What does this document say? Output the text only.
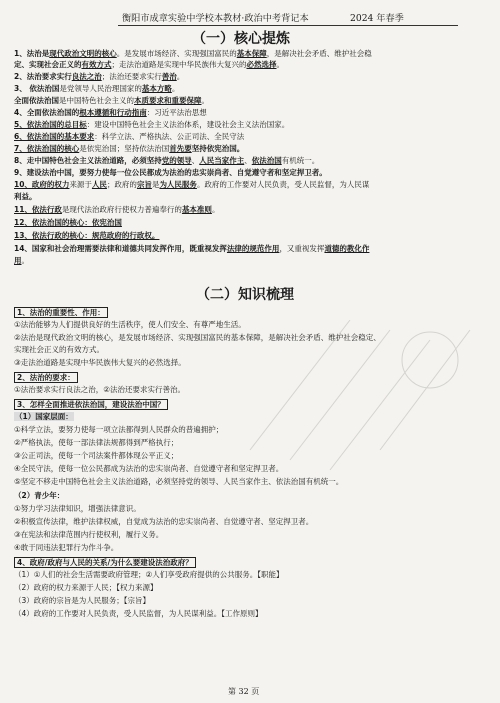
衡阳市成章实验中学校本教材·政治中考背记本	2024 年春季
（一）核心提炼
1、法治是现代政治文明的核心。是发展市场经济、实现强国富民的基本保障，是解决社会矛盾、维护社会稳
定、实现社会正义的有效方式；走法治道路是实现中华民族伟大复兴的必然选择。
2、法治要求实行良法之治；法治还要求实行善治。
3、 依法治国是党领导人民治理国家的基本方略。
全面依法治国是中国特色社会主义的本质要求和重要保障。
4、全面依法治国的根本遵循和行动指南：习近平法治思想
5、依法治国的总目标：建设中国特色社会主义法治体系，建设社会主义法治国家。
6、依法治国的基本要求：科学立法、严格执法、公正司法、全民守法
7、依法治国的核心是依宪治国；坚持依法治国首先要坚持依宪治国。
8、走中国特色社会主义法治道路，必须坚持党的领导、人民当家作主、依法治国有机统一。
9、建设法治中国，要努力使每一位公民都成为法治的忠实崇尚者、自觉遵守者和坚定捍卫者。
10、政府的权力来源于人民；政府的宗旨是为人民服务。政府的工作要对人民负责，受人民监督，为人民谋
利益。
11、依法行政是现代法治政府行使权力普遍奉行的基本准则。
12、依法治国的核心：依宪治国
13、依法行政的核心：规范政府的行政权。
14、国家和社会治理需要法律和道德共同发挥作用，既重视发挥法律的规范作用，又重视发挥道德的教化作
用。
（二）知识梳理
1、法治的重要性、作用：
①法治能够为人们提供良好的生活秩序，使人们安全、有尊严地生活。
②法治是现代政治文明的核心，是发展市场经济、实现强国富民的基本保障，是解决社会矛盾、维护社会稳定、
实现社会正义的有效方式。
③走法治道路是实现中华民族伟大复兴的必然选择。
2、法治的要求：
①法治要求实行良法之治，②法治还要求实行善治。
3、怎样全面推进依法治国，建设法治中国？
（1）国家层面：
①科学立法，要努力使每一项立法都得到人民群众的普遍拥护；
②严格执法，使每一部法律法规都得到严格执行；
③公正司法，使每一个司法案件都体现公平正义；
④全民守法，使每一位公民都成为法治的忠实崇尚者、自觉遵守者和坚定捍卫者。
⑤坚定不移走中国特色社会主义法治道路，必须坚持党的领导、人民当家作主、依法治国有机统一。
（2）青少年：
①努力学习法律知识，增强法律意识。
②积极宣传法律，维护法律权威，自觉成为法治的忠实崇尚者、自觉遵守者、坚定捍卫者。
③在宪法和法律范围内行使权利，履行义务。
④敢于同违法犯罪行为作斗争。
4、政府/政府与人民的关系/为什么要建设法治政府？
（1）①人们的社会生活需要政府管理；②人们享受政府提供的公共服务。【职能】
（2）政府的权力来源于人民；【权力来源】
（3）政府的宗旨是为人民服务；【宗旨】
（4）政府的工作要对人民负责，受人民监督，为人民谋利益。【工作原则】
第 32 页
